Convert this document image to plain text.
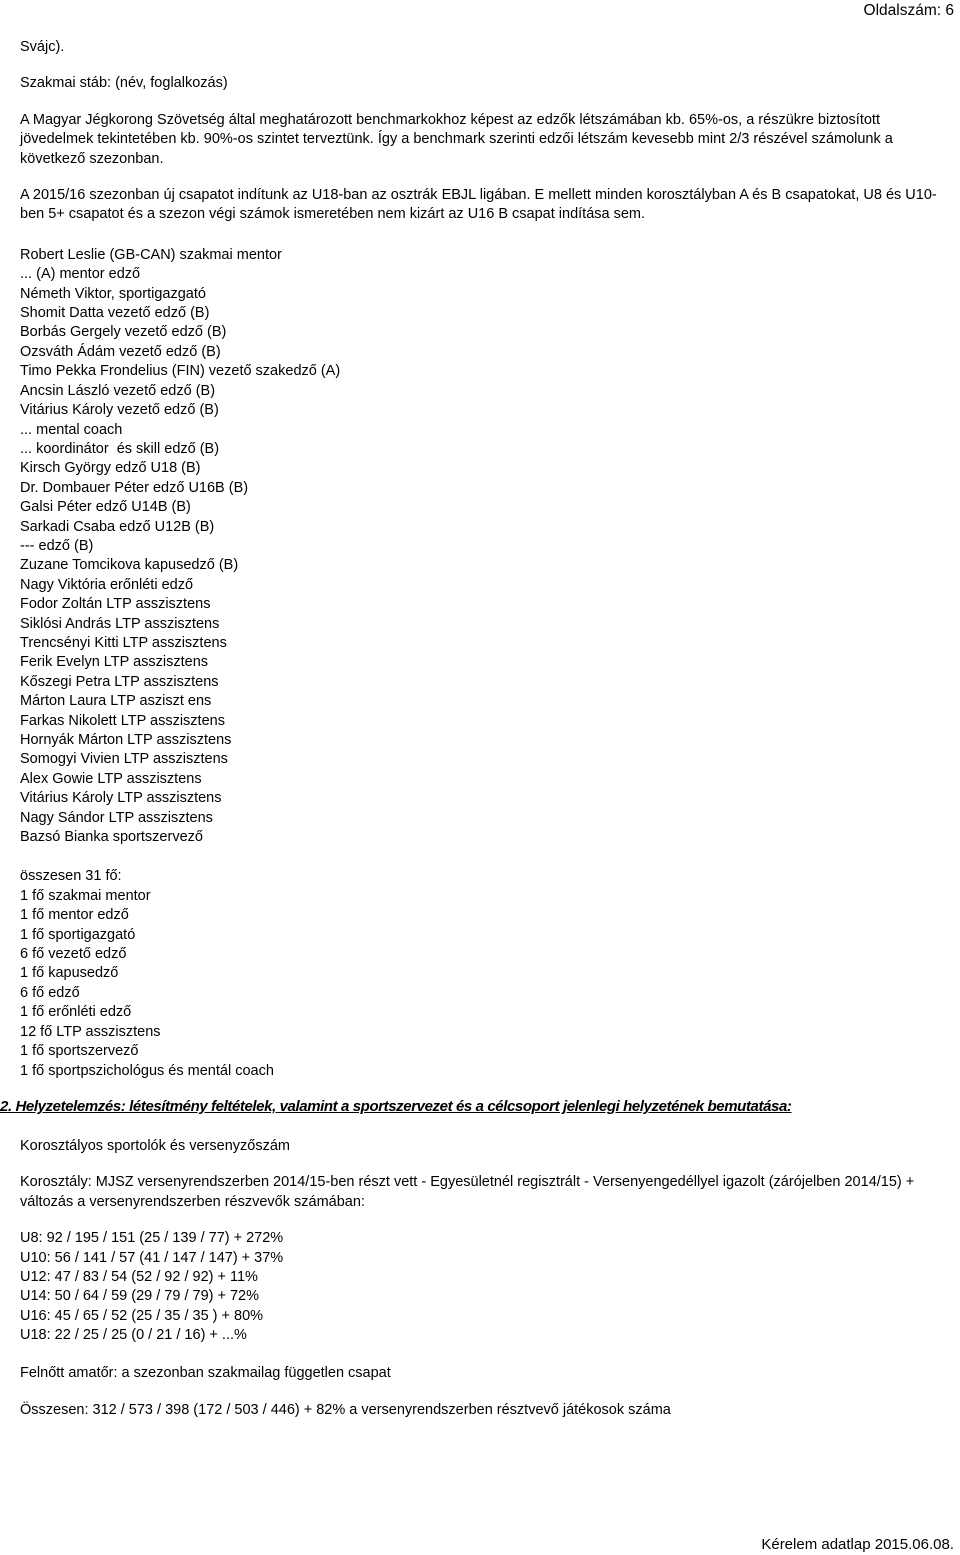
Oldalszám: 6

Svájc).

Szakmai stáb: (név, foglalkozás)

A Magyar Jégkorong Szövetség által meghatározott benchmarkokhoz képest az edzők létszámában kb. 65%-os, a részükre biztosított jövedelmek tekintetében kb. 90%-os szintet terveztünk. Így a benchmark szerinti edzői létszám kevesebb mint 2/3 részével számolunk a következő szezonban.

A 2015/16 szezonban új csapatot indítunk az U18-ban az osztrák EBJL ligában. E mellett minden korosztályban A és B csapatokat, U8 és U10-ben 5+ csapatot és a szezon végi számok ismeretében nem kizárt az U16 B csapat indítása sem.

Robert Leslie (GB-CAN) szakmai mentor
... (A) mentor edző
Németh Viktor, sportigazgató
Shomit Datta vezető edző (B)
Borbás Gergely vezető edző (B)
Ozsváth Ádám vezető edző (B)
Timo Pekka Frondelius (FIN) vezető szakedző (A)
Ancsin László vezető edző (B)
Vitárius Károly vezető edző (B)
... mental coach
... koordinátor  és skill edző (B)
Kirsch György edző U18 (B)
Dr. Dombauer Péter edző U16B (B)
Galsi Péter edző U14B (B)
Sarkadi Csaba edző U12B (B)
--- edző (B)
Zuzane Tomcikova kapusedző (B)
Nagy Viktória erőnléti edző
Fodor Zoltán LTP asszisztens
Siklósi András LTP asszisztens
Trencsényi Kitti LTP asszisztens
Ferik Evelyn LTP asszisztens
Kőszegi Petra LTP asszisztens
Márton Laura LTP asziszt ens
Farkas Nikolett LTP asszisztens
Hornyák Márton LTP asszisztens
Somogyi Vivien LTP asszisztens
Alex Gowie LTP asszisztens
Vitárius Károly LTP asszisztens
Nagy Sándor LTP asszisztens
Bazsó Bianka sportszervező
összesen 31 fő:
1 fő szakmai mentor
1 fő mentor edző
1 fő sportigazgató
6 fő vezető edző
1 fő kapusedző
6 fő edző
1 fő erőnléti edző
12 fő LTP asszisztens
1 fő sportszervező
1 fő sportpszichológus és mentál coach

2. Helyzetelemzés: létesítmény feltételek, valamint a sportszervezet és a célcsoport jelenlegi helyzetének bemutatása:

Korosztályos sportolók és versenyzőszám

Korosztály: MJSZ versenyrendszerben 2014/15-ben részt vett - Egyesületnél regisztrált - Versenyengedéllyel igazolt (zárójelben 2014/15) + változás a versenyrendszerben részvevők számában:

U8: 92 / 195 / 151 (25 / 139 / 77) + 272%
U10: 56 / 141 / 57 (41 / 147 / 147) + 37%
U12: 47 / 83 / 54 (52 / 92 / 92) + 11%
U14: 50 / 64 / 59 (29 / 79 / 79) + 72%
U16: 45 / 65 / 52 (25 / 35 / 35 ) + 80%
U18: 22 / 25 / 25 (0 / 21 / 16) + ...%

Felnőtt amatőr: a szezonban szakmailag független csapat

Összesen: 312 / 573 / 398 (172 / 503 / 446) + 82% a versenyrendszerben résztvevő játékosok száma

Kérelem adatlap 2015.06.08.
